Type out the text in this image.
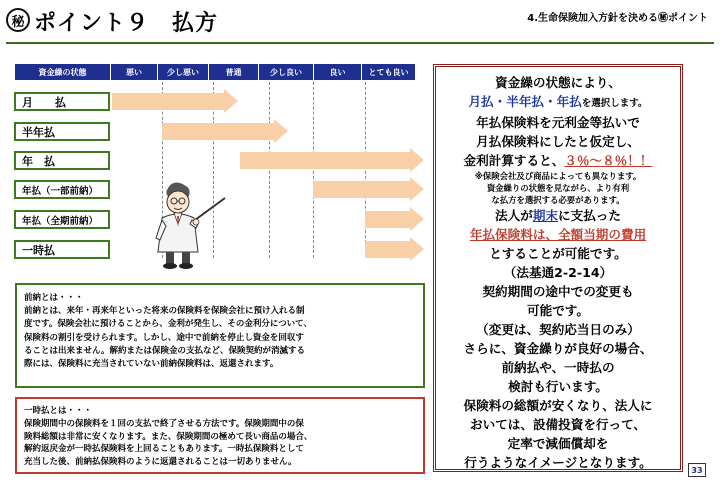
秘 ポイント９　払方	4.生命保険加入方針を決める㊙ポイント
資金繰の状態	悪い	少し悪い	普通	少し良い	良い	とても良い
月　　払
半年払
年　払
年払（一部前納）
年払（全期前納）
一時払
前納とは・・・
前納とは、来年・再来年といった将来の保険料を保険会社に預け入れる制
度です。保険会社に預けることから、金利が発生し、その金利分について、
保険料の割引を受けられます。しかし、途中で前納を停止し資金を回収す
ることは出来ません。解約または保険金の支払など、保険契約が消滅する
際には、保険料に充当されていない前納保険料は、返還されます。
一時払とは・・・
保険期間中の保険料を１回の支払で終了させる方法です。保険期間中の保
険料総額は非常に安くなります。また、保険期間の極めて長い商品の場合、
解約返戻金が一時払保険料を上回ることもあります。一時払保険料として
充当した後、前納払保険料のように返還されることは一切ありません。
資金繰の状態により、
月払・半年払・年払を選択します。
年払保険料を元利金等払いで
月払保険料にしたと仮定し、
金利計算すると、３％～８％！！
※保険会社及び商品によっても異なります。
資金繰りの状態を見ながら、より有利
な払方を選択する必要があります。
法人が期末に支払った
年払保険料は、全額当期の費用
とすることが可能です。
（法基通2-2-14）
契約期間の途中での変更も
可能です。
（変更は、契約応当日のみ）
さらに、資金繰りが良好の場合、
前納払や、一時払の
検討も行います。
保険料の総額が安くなり、法人に
おいては、設備投資を行って、
定率で減価償却を
行うようなイメージとなります。	33
